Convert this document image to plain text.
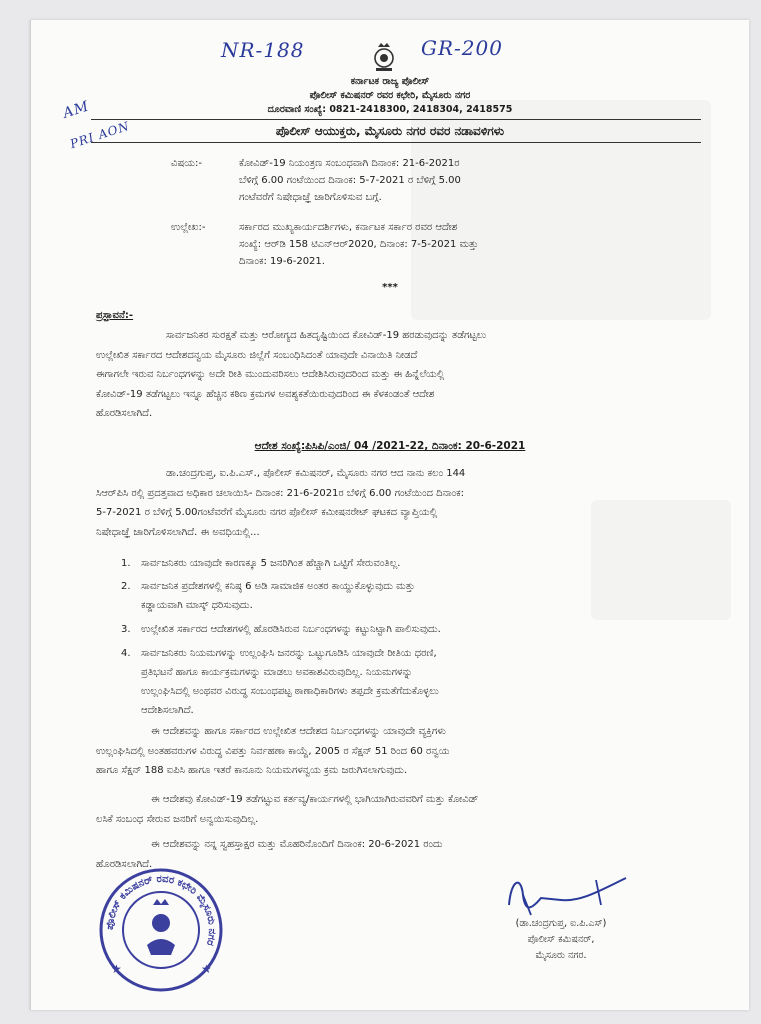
NR-188	GR-200
AM
PRI AON
ಕರ್ನಾಟಕ ರಾಜ್ಯ ಪೊಲೀಸ್
ಪೊಲೀಸ್ ಕಮಿಷನರ್ ರವರ ಕಛೇರಿ, ಮೈಸೂರು ನಗರ
ದೂರವಾಣಿ ಸಂಖ್ಯೆ: 0821-2418300, 2418304, 2418575
ಪೊಲೀಸ್ ಆಯುಕ್ತರು, ಮೈಸೂರು ನಗರ ರವರ ನಡಾವಳಿಗಳು
ವಿಷಯ:-	ಕೋವಿಡ್‌-19 ನಿಯಂತ್ರಣ ಸಂಬಂಧವಾಗಿ ದಿನಾಂಕ: 21-6-2021ರ
ಬೆಳಿಗ್ಗೆ 6.00 ಗಂಟೆಯಿಂದ ದಿನಾಂಕ: 5-7-2021 ರ ಬೆಳಿಗ್ಗೆ 5.00
ಗಂಟೆವರೆಗೆ ನಿಷೇಧಾಜ್ಞೆ ಜಾರಿಗೊಳಿಸುವ ಬಗ್ಗೆ.
ಉಲ್ಲೇಖ:-	ಸರ್ಕಾರದ ಮುಖ್ಯಕಾರ್ಯದರ್ಶಿಗಳು, ಕರ್ನಾಟಕ ಸರ್ಕಾರ ರವರ ಆದೇಶ
ಸಂಖ್ಯೆ: ಆರ್‌ಡಿ 158 ಟಿಎನ್‌ಆರ್‌2020, ದಿನಾಂಕ: 7-5-2021 ಮತ್ತು
ದಿನಾಂಕ: 19-6-2021.
***
ಪ್ರಸ್ತಾವನೆ:-
ಸಾರ್ವಜನಿಕರ ಸುರಕ್ಷತೆ ಮತ್ತು ಆರೋಗ್ಯದ ಹಿತದೃಷ್ಟಿಯಿಂದ ಕೋವಿಡ್‌-19 ಹರಡುವುದನ್ನು ತಡೆಗಟ್ಟಲು
ಉಲ್ಲೇಖಿತ ಸರ್ಕಾರದ ಆದೇಶದನ್ವಯ ಮೈಸೂರು ಜಿಲ್ಲೆಗೆ ಸಂಬಂಧಿಸಿದಂತೆ ಯಾವುದೇ ವಿನಾಯಿತಿ ನೀಡದೆ
ಈಗಾಗಲೇ ಇರುವ ನಿರ್ಬಂಧಗಳನ್ನು ಅದೇ ರೀತಿ ಮುಂದುವರಿಸಲು ಆದೇಶಿಸಿರುವುದರಿಂದ ಮತ್ತು ಈ ಹಿನ್ನೆಲೆಯಲ್ಲಿ
ಕೋವಿಡ್‌-19 ತಡೆಗಟ್ಟಲು ಇನ್ನೂ ಹೆಚ್ಚಿನ ಕಠಿಣ ಕ್ರಮಗಳ ಅವಶ್ಯಕತೆಯಿರುವುದರಿಂದ ಈ ಕೆಳಕಂಡಂತೆ ಆದೇಶ
ಹೊರಡಿಸಲಾಗಿದೆ.
ಆದೇಶ ಸಂಖ್ಯೆ:ಪಿಸಿಪಿ/ಎಂಜಿ/ 04 /2021-22, ದಿನಾಂಕ: 20-6-2021
ಡಾ.ಚಂದ್ರಗುಪ್ತ, ಐ.ಪಿ.ಎಸ್., ಪೊಲೀಸ್ ಕಮಿಷನರ್, ಮೈಸೂರು ನಗರ ಆದ ನಾನು ಕಲಂ 144
ಸಿಆರ್‌ಪಿಸಿ ರಲ್ಲಿ ಪ್ರದತ್ತವಾದ ಅಧಿಕಾರ ಚಲಾಯಿಸಿ- ದಿನಾಂಕ: 21-6-2021ರ ಬೆಳಿಗ್ಗೆ 6.00 ಗಂಟೆಯಿಂದ ದಿನಾಂಕ:
5-7-2021 ರ ಬೆಳಿಗ್ಗೆ 5.00ಗಂಟೆವರೆಗೆ ಮೈಸೂರು ನಗರ ಪೊಲೀಸ್ ಕಮೀಷನರೇಟ್ ಘಟಕದ ವ್ಯಾಪ್ತಿಯಲ್ಲಿ
ನಿಷೇಧಾಜ್ಞೆ ಜಾರಿಗೊಳಿಸಲಾಗಿದೆ. ಈ ಅವಧಿಯಲ್ಲಿ...
1. ಸಾರ್ವಜನಿಕರು ಯಾವುದೇ ಕಾರಣಕ್ಕೂ 5 ಜನರಿಗಿಂತ ಹೆಚ್ಚಾಗಿ ಒಟ್ಟಿಗೆ ಸೇರುವಂತಿಲ್ಲ.
2. ಸಾರ್ವಜನಿಕ ಪ್ರದೇಶಗಳಲ್ಲಿ ಕನಿಷ್ಠ 6 ಅಡಿ ಸಾಮಾಜಿಕ ಅಂತರ ಕಾಯ್ದುಕೊಳ್ಳುವುದು ಮತ್ತು
ಕಡ್ಡಾಯವಾಗಿ ಮಾಸ್ಕ್ ಧರಿಸುವುದು.
3. ಉಲ್ಲೇಖಿತ ಸರ್ಕಾರದ ಆದೇಶಗಳಲ್ಲಿ ಹೊರಡಿಸಿರುವ ನಿರ್ಬಂಧಗಳನ್ನು ಕಟ್ಟುನಿಟ್ಟಾಗಿ ಪಾಲಿಸುವುದು.
4. ಸಾರ್ವಜನಿಕರು ನಿಯಮಗಳನ್ನು ಉಲ್ಲಂಘಿಸಿ ಜನರನ್ನು ಒಟ್ಟುಗೂಡಿಸಿ ಯಾವುದೇ ರೀತಿಯ ಧರಣಿ,
ಪ್ರತಿಭಟನೆ ಹಾಗೂ ಕಾರ್ಯಕ್ರಮಗಳನ್ನು ಮಾಡಲು ಅವಕಾಶವಿರುವುದಿಲ್ಲ. ನಿಯಮಗಳನ್ನು
ಉಲ್ಲಂಘಿಸಿದಲ್ಲಿ ಅಂಥವರ ವಿರುದ್ಧ ಸಂಬಂಧಪಟ್ಟ ಠಾಣಾಧಿಕಾರಿಗಳು ತಪ್ಪದೇ ಕ್ರಮತೆಗೆದುಕೊಳ್ಳಲು
ಆದೇಶಿಸಲಾಗಿದೆ.
ಈ ಆದೇಶವನ್ನು ಹಾಗೂ ಸರ್ಕಾರದ ಉಲ್ಲೇಖಿತ ಆದೇಶದ ನಿರ್ಬಂಧಗಳನ್ನು ಯಾವುದೇ ವ್ಯಕ್ತಿಗಳು
ಉಲ್ಲಂಘಿಸಿದಲ್ಲಿ ಅಂತಹವರುಗಳ ವಿರುದ್ಧ ವಿಪತ್ತು ನಿರ್ವಹಣಾ ಕಾಯ್ದೆ, 2005 ರ ಸೆಕ್ಷನ್ 51 ರಿಂದ 60 ರನ್ವಯ
ಹಾಗೂ ಸೆಕ್ಷನ್ 188 ಐಪಿಸಿ ಹಾಗೂ ಇತರೆ ಕಾನೂನು ನಿಯಮಗಳನ್ವಯ ಕ್ರಮ ಜರುಗಿಸಲಾಗುವುದು.
ಈ ಆದೇಶವು ಕೋವಿಡ್‌-19 ತಡೆಗಟ್ಟುವ ಕರ್ತವ್ಯ/ಕಾರ್ಯಗಳಲ್ಲಿ ಭಾಗಿಯಾಗಿರುವವರಿಗೆ ಮತ್ತು ಕೋವಿಡ್
ಲಸಿಕೆ ಸಂಬಂಧ ಸೇರುವ ಜನರಿಗೆ ಅನ್ವಯಿಸುವುದಿಲ್ಲ.
ಈ ಆದೇಶವನ್ನು ನನ್ನ ಸ್ವಹಸ್ತಾಕ್ಷರ ಮತ್ತು ಮೊಹರಿನೊಂದಿಗೆ ದಿನಾಂಕ: 20-6-2021 ರಂದು
ಹೊರಡಿಸಲಾಗಿದೆ.
ಪೊಲೀಸ್ ಕಮಿಷನರ್ ರವರ ಕಛೇರಿ ಮೈಸೂರು ನಗರ
★	★
(ಡಾ.ಚಂದ್ರಗುಪ್ತ, ಐ.ಪಿ.ಎಸ್)
ಪೊಲೀಸ್ ಕಮಿಷನರ್,
ಮೈಸೂರು ನಗರ.
